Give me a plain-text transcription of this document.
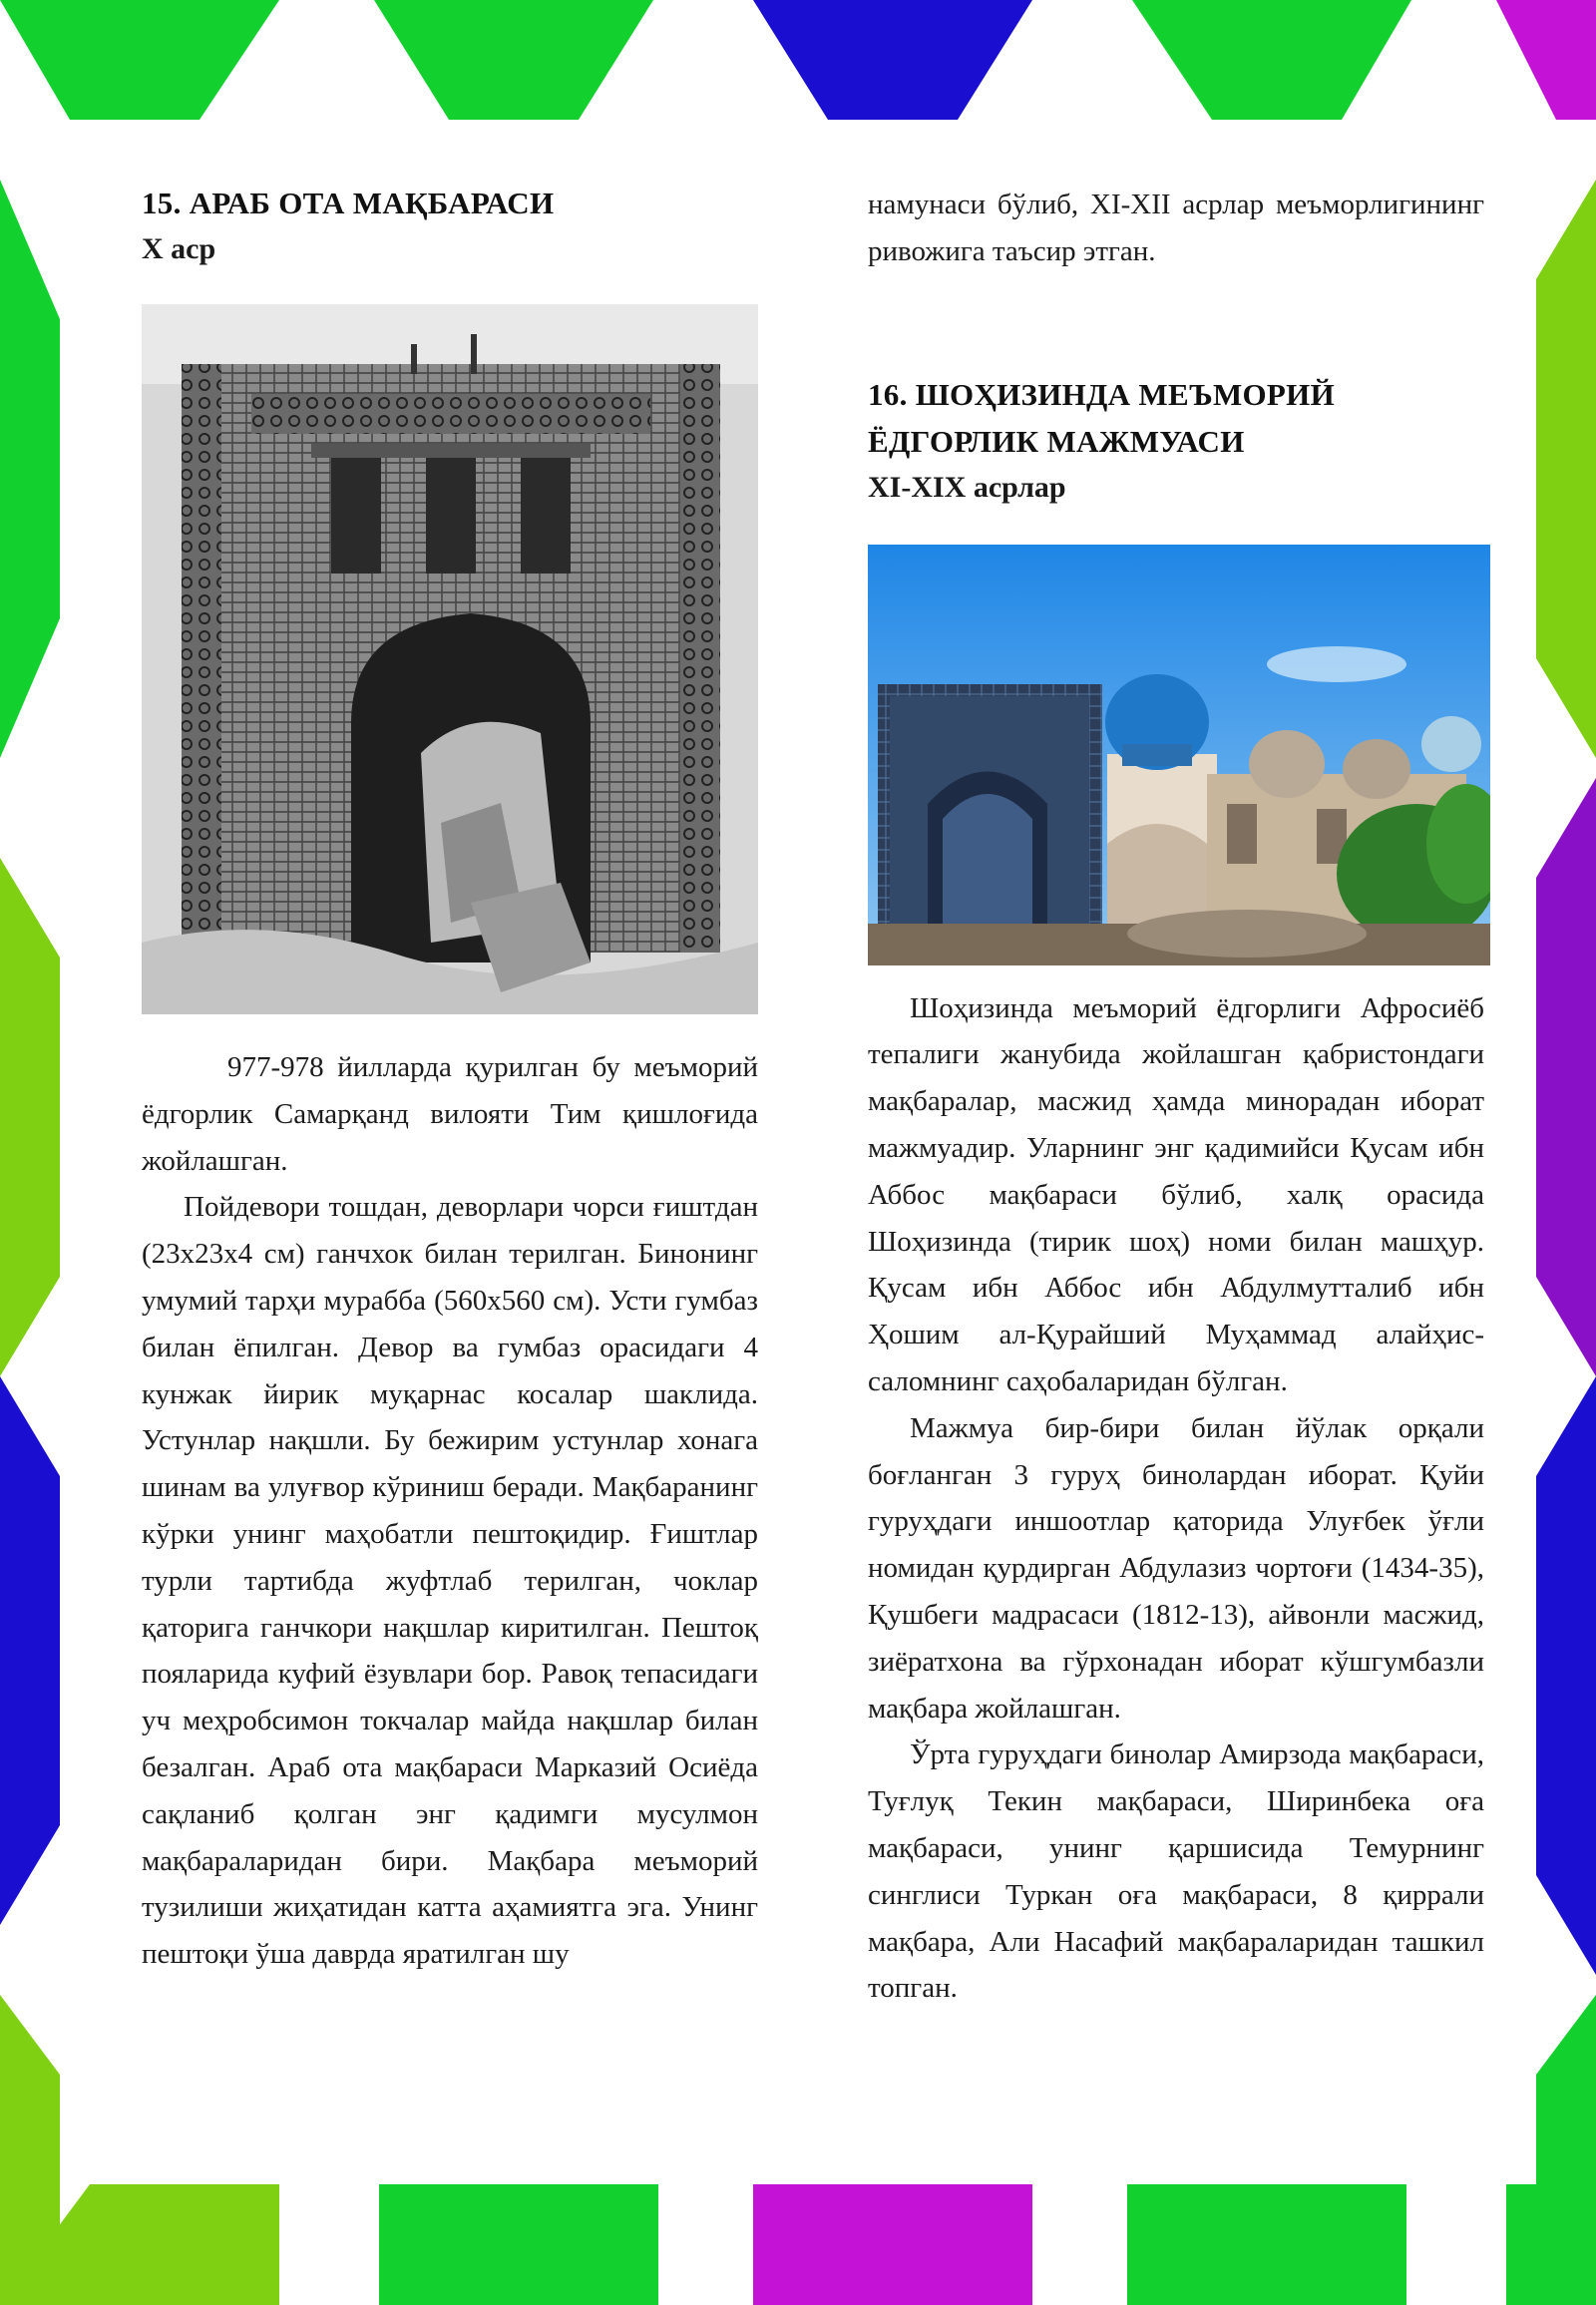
15. АРАБ ОТА МАҚБАРАСИ
X аср

977-978 йилларда қурилган бу меъморий ёдгорлик Самарқанд вилояти Тим қишлоғида жойлашган.

Пойдевори тошдан, деворлари чорси ғиштдан (23х23х4 см) ганчхок билан терилган. Бинонинг умумий тарҳи мураббa (560х560 см). Усти гумбаз билан ёпилган. Девор ва гумбаз орасидаги 4 кунжак йирик муқарнас косалар шаклида. Устунлар нақшли. Бу бежирим устунлар хонага шинам ва улуғвор кўриниш беради. Мақбаранинг кўрки унинг маҳобатли пештоқидир. Ғиштлар турли тартибда жуфтлаб терилган, чоклар қаторига ганчкори нақшлар киритилган. Пештоқ пояларида куфий ёзувлари бор. Равоқ тепасидаги уч меҳробсимон токчалар майда нақшлар билан безалган. Араб ота мақбараси Марказий Осиёда сақланиб қолган энг қадимги мусулмон мақбараларидан бири. Мақбара меъморий тузилиши жиҳатидан катта аҳамиятга эга. Унинг пештоқи ўша даврда яратилган шу

намунаси бўлиб, XI-XII асрлар меъморлигининг ривожига таъсир этган.

16. ШОҲИЗИНДА МЕЪМОРИЙ
ЁДГОРЛИК МАЖМУАСИ
XI-XIX асрлар

Шоҳизинда меъморий ёдгорлиги Афросиёб тепалиги жанубида жойлашган қабристондаги мақбаралар, масжид ҳамда минорадан иборат мажмуадир. Уларнинг энг қадимийси Қусам ибн Аббос мақбараси бўлиб, халқ орасида Шоҳизинда (тирик шоҳ) номи билан машҳур. Қусам ибн Аббос ибн Абдулмутталиб ибн Ҳошим ал-Қурайший Муҳаммад алайҳис-саломнинг саҳобаларидан бўлган.

Мажмуа бир-бири билан йўлак орқали боғланган 3 гуруҳ бинолардан иборат. Қуйи гуруҳдаги иншоотлар қаторида Улуғбек ўғли номидан қурдирган Абдулазиз чортоғи (1434-35), Қушбеги мадрасаси (1812-13), айвонли масжид, зиёратхона ва гўрхонадан иборат кўшгумбазли мақбара жойлашган.

Ўрта гуруҳдаги бинолар Амирзода мақбараси, Туғлуқ Текин мақбараси, Ширинбека оға мақбараси, унинг қаршисида Темурнинг синглиси Туркан оға мақбараси, 8 қиррали мақбара, Али Насафий мақбараларидан ташкил топган.
